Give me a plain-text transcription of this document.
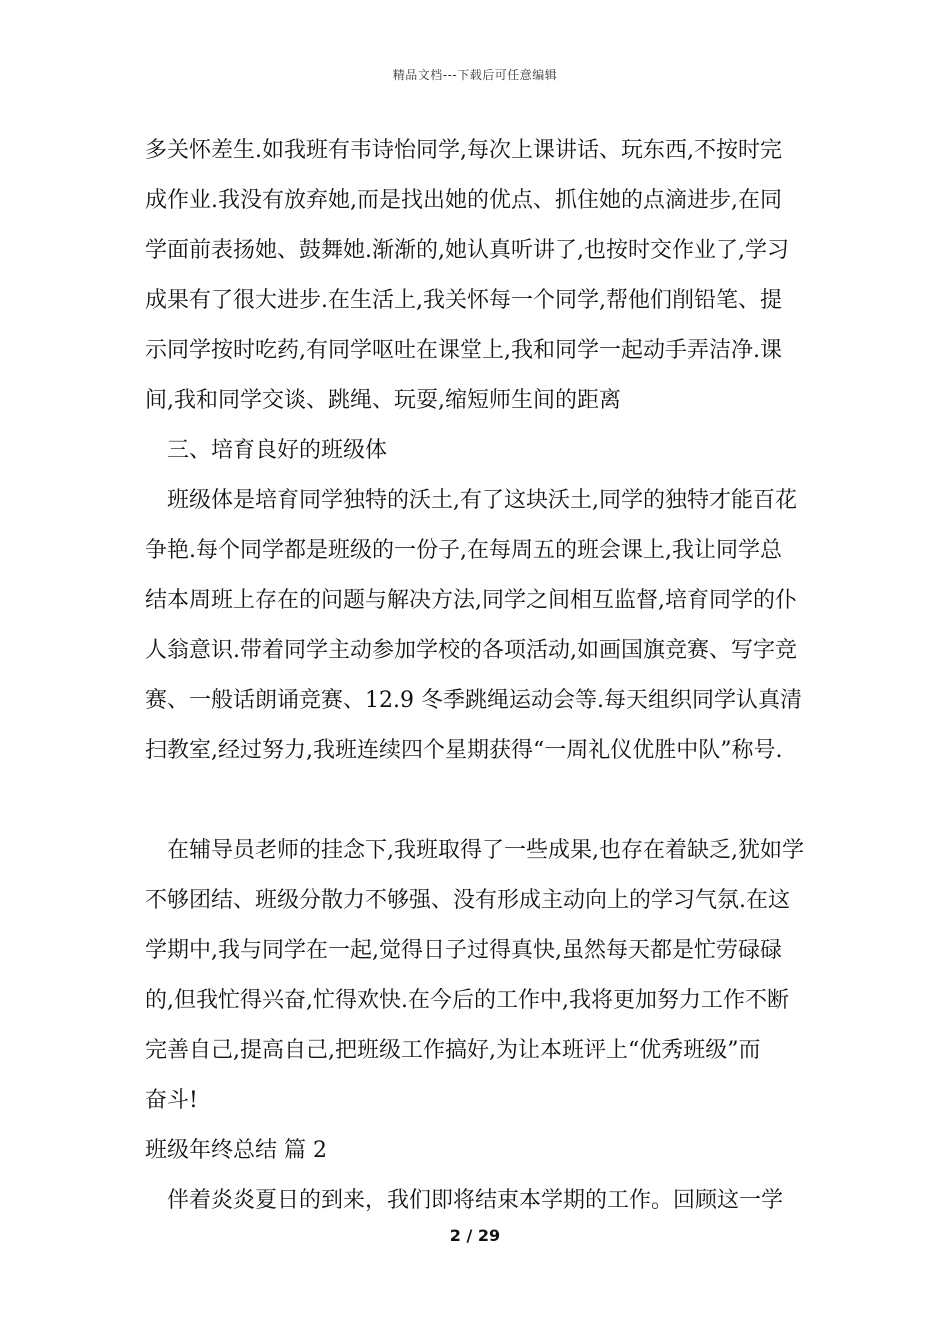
精品文档---下载后可任意编辑
多关怀差生.如我班有韦诗怡同学,每次上课讲话、玩东西,不按时完
成作业.我没有放弃她,而是找出她的优点、抓住她的点滴进步,在同
学面前表扬她、鼓舞她.渐渐的,她认真听讲了,也按时交作业了,学习
成果有了很大进步.在生活上,我关怀每一个同学,帮他们削铅笔、提
示同学按时吃药,有同学呕吐在课堂上,我和同学一起动手弄洁净.课
间,我和同学交谈、跳绳、玩耍,缩短师生间的距离
三、培育良好的班级体
班级体是培育同学独特的沃土,有了这块沃土,同学的独特才能百花
争艳.每个同学都是班级的一份子,在每周五的班会课上,我让同学总
结本周班上存在的问题与解决方法,同学之间相互监督,培育同学的仆
人翁意识.带着同学主动参加学校的各项活动,如画国旗竞赛、写字竞
赛、一般话朗诵竞赛、12.9 冬季跳绳运动会等.每天组织同学认真清
扫教室,经过努力,我班连续四个星期获得“一周礼仪优胜中队”称号.
在辅导员老师的挂念下,我班取得了一些成果,也存在着缺乏,犹如学
不够团结、班级分散力不够强、没有形成主动向上的学习气氛.在这
学期中,我与同学在一起,觉得日子过得真快,虽然每天都是忙劳碌碌
的,但我忙得兴奋,忙得欢快.在今后的工作中,我将更加努力工作不断
完善自己,提高自己,把班级工作搞好,为让本班评上“优秀班级”而
奋斗!
班级年终总结 篇 2
伴着炎炎夏日的到来，我们即将结束本学期的工作。回顾这一学
2 / 29
